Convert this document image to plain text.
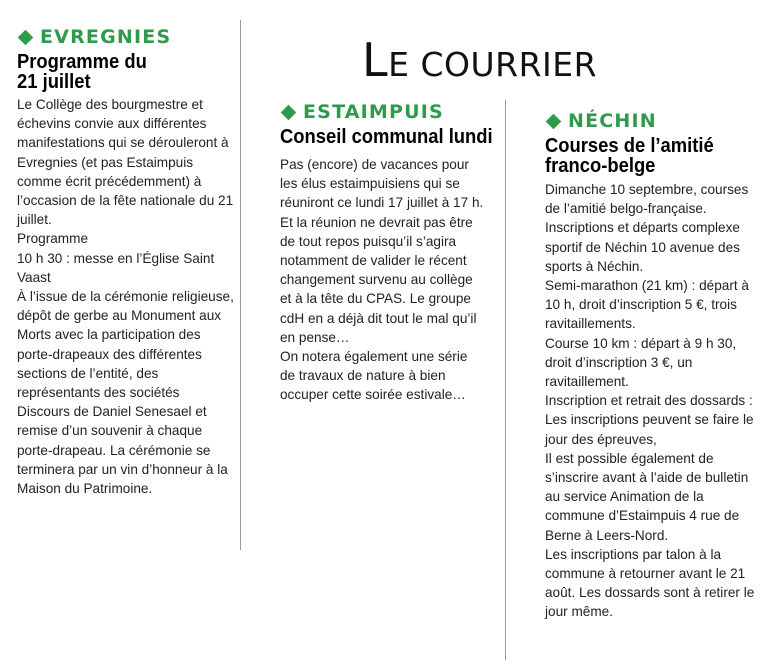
LE COURRIER
EVREGNIES
Programme du 21 juillet

Le Collège des bourgmestre et échevins convie aux différentes manifestations qui se dérouleront à Evregnies (et pas Estaimpuis comme écrit précédemment) à l’occasion de la fête nationale du 21 juillet.

Programme

10 h 30 : messe en l’Église Saint Vaast

À l’issue de la cérémonie religieuse, dépôt de gerbe au Monument aux Morts avec la participation des porte-drapeaux des différentes sections de l’entité, des représentants des sociétés

Discours de Daniel Senesael et remise d’un souvenir à chaque porte-drapeau. La cérémonie se terminera par un vin d’honneur à la Maison du Patrimoine.

ESTAIMPUIS
Conseil communal lundi

Pas (encore) de vacances pour les élus estaimpuisiens qui se réuniront ce lundi 17 juillet à 17 h. Et la réunion ne devrait pas être de tout repos puisqu’il s’agira notamment de valider le récent changement survenu au collège et à la tête du CPAS. Le groupe cdH en a déjà dit tout le mal qu’il en pense…

On notera également une série de travaux de nature à bien occuper cette soirée estivale…

NÉCHIN
Courses de l’amitié franco-belge

Dimanche 10 septembre, courses de l’amitié belgo-française.

Inscriptions et départs complexe sportif de Néchin 10 avenue des sports à Néchin.

Semi-marathon (21 km) : départ à 10 h, droit d’inscription 5 €, trois ravitaillements.

Course 10 km : départ à 9 h 30, droit d’inscription 3 €, un ravitaillement.

Inscription et retrait des dossards : Les inscriptions peuvent se faire le jour des épreuves,

Il est possible également de s’inscrire avant à l’aide de bulletin au service Animation de la commune d’Estaimpuis 4 rue de Berne à Leers-Nord.

Les inscriptions par talon à la commune à retourner avant le 21 août. Les dossards sont à retirer le jour même.
